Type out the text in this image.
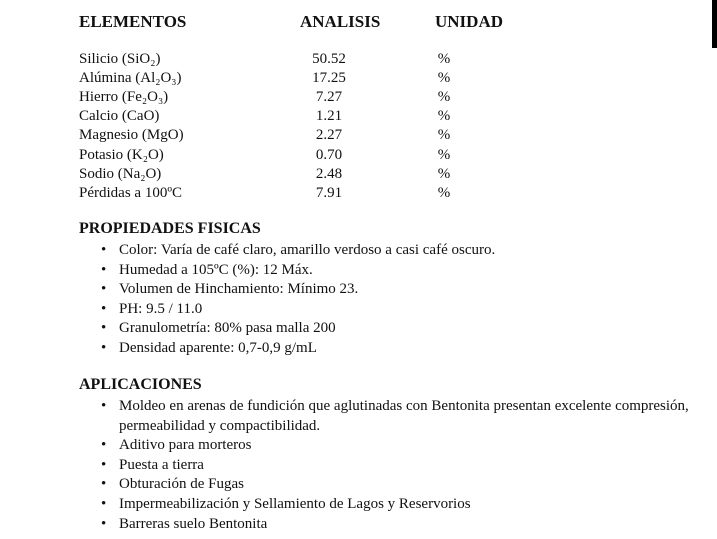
ELEMENTOS	ANALISIS	UNIDAD
Silicio (SiO₂)	50.52	%
Alúmina (Al₂O₃)	17.25	%
Hierro (Fe₂O₃)	7.27	%
Calcio (CaO)	1.21	%
Magnesio (MgO)	2.27	%
Potasio (K₂O)	0.70	%
Sodio (Na₂O)	2.48	%
Pérdidas a 100ºC	7.91	%
PROPIEDADES FISICAS
• Color: Varía de café claro, amarillo verdoso a casi café oscuro.
• Humedad a 105ºC (%): 12 Máx.
• Volumen de Hinchamiento: Mínimo 23.
• PH: 9.5 / 11.0
• Granulometría: 80% pasa malla 200
• Densidad aparente: 0,7-0,9 g/mL
APLICACIONES
• Moldeo en arenas de fundición que aglutinadas con Bentonita presentan excelente compresión, permeabilidad y compactibilidad.
• Aditivo para morteros
• Puesta a tierra
• Obturación de Fugas
• Impermeabilización y Sellamiento de Lagos y Reservorios
• Barreras suelo Bentonita
